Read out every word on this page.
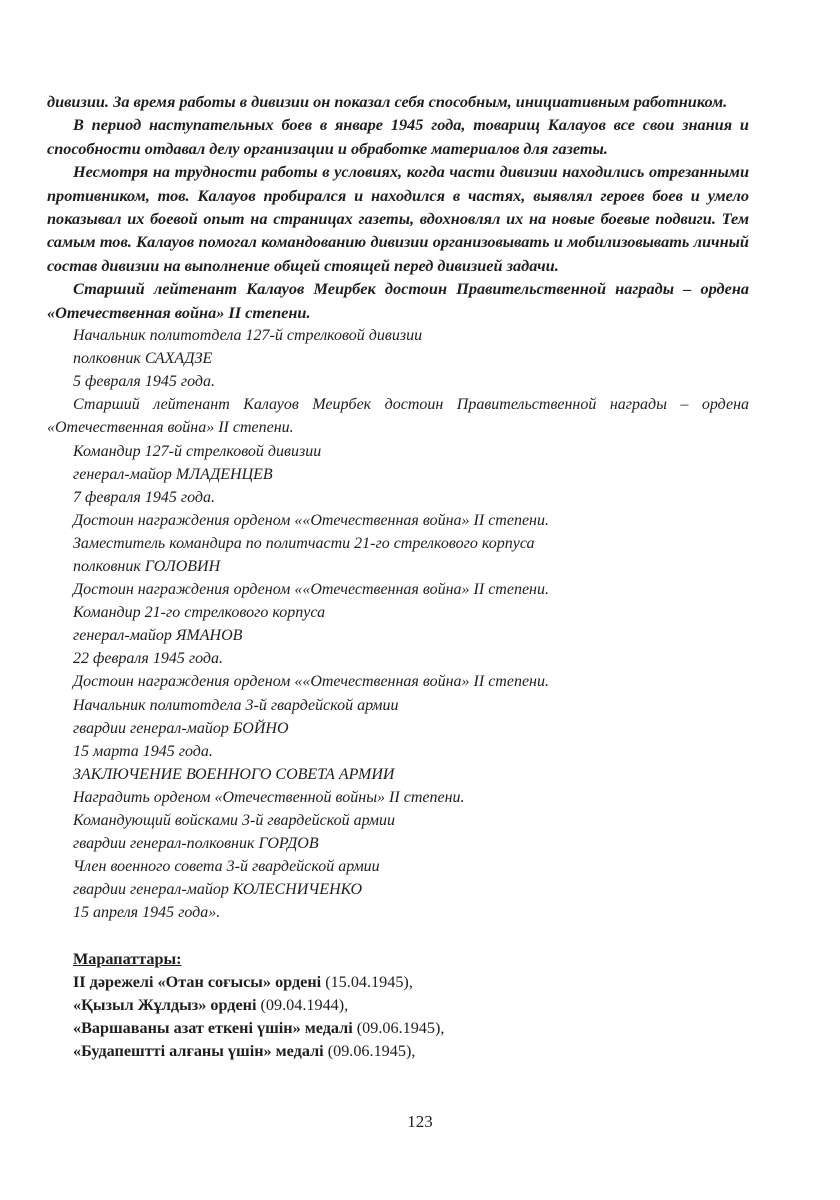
дивизии. За время работы в дивизии он показал себя способным, инициативным работником.

В период наступательных боев в январе 1945 года, товарищ Калауов все свои знания и способности отдавал делу организации и обработке материалов для газеты.

Несмотря на трудности работы в условиях, когда части дивизии находились отрезанными противником, тов. Калауов пробирался и находился в частях, выявлял героев боев и умело показывал их боевой опыт на страницах газеты, вдохновлял их на новые боевые подвиги. Тем самым тов. Калауов помогал командованию дивизии организовывать и мобилизовывать личный состав дивизии на выполнение общей стоящей перед дивизией задачи.

Старший лейтенант Калауов Меирбек достоин Правительственной награды – ордена «Отечественная война» II степени.

Начальник политотдела 127-й стрелковой дивизии

полковник САХАДЗЕ

5 февраля 1945 года.

Старший лейтенант Калауов Меирбек достоин Правительственной награды – ордена «Отечественная война» II степени.

Командир 127-й стрелковой дивизии

генерал-майор МЛАДЕНЦЕВ

7 февраля 1945 года.

Достоин награждения орденом ««Отечественная война» II степени.

Заместитель командира по политчасти 21-го стрелкового корпуса

полковник ГОЛОВИН

Достоин награждения орденом ««Отечественная война» II степени.

Командир 21-го стрелкового корпуса

генерал-майор ЯМАНОВ

22 февраля 1945 года.

Достоин награждения орденом ««Отечественная война» II степени.

Начальник политотдела 3-й гвардейской армии

гвардии генерал-майор БОЙНО

15 марта 1945 года.

ЗАКЛЮЧЕНИЕ ВОЕННОГО СОВЕТА АРМИИ

Наградить орденом «Отечественной войны» II степени.

Командующий войсками 3-й гвардейской армии

гвардии генерал-полковник ГОРДОВ

Член военного совета 3-й гвардейской армии

гвардии генерал-майор КОЛЕСНИЧЕНКО

15 апреля 1945 года».

Марапаттары:

II дәрежелі «Отан соғысы» ордені (15.04.1945),

«Қызыл Жұлдыз» ордені (09.04.1944),

«Варшаваны азат еткені үшін» медалі (09.06.1945),

«Будапештті алғаны үшін» медалі (09.06.1945),

123
